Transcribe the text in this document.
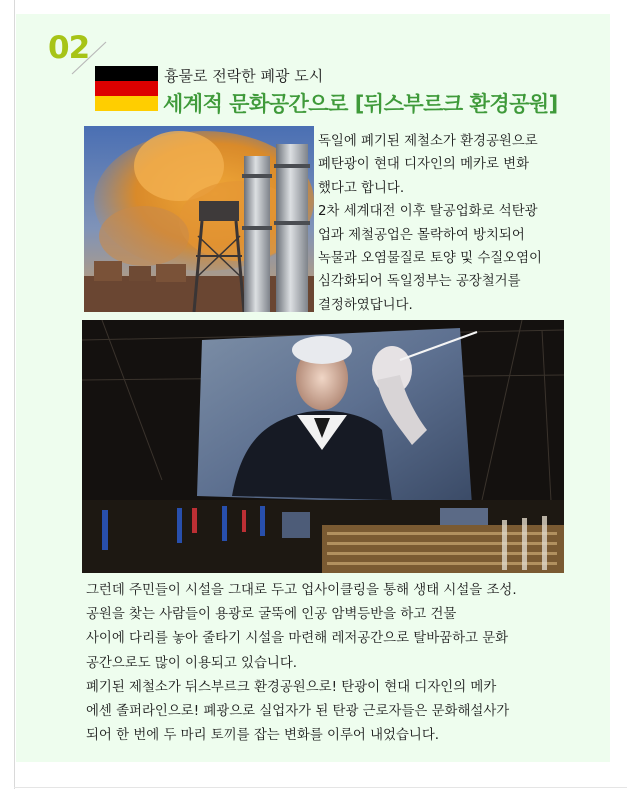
02
흉물로 전락한 폐광 도시
세계적 문화공간으로 [뒤스부르크 환경공원]

독일에 폐기된 제철소가 환경공원으로

폐탄광이 현대 디자인의 메카로 변화

했다고 합니다.

2차 세계대전 이후 탈공업화로 석탄광

업과 제철공업은 몰락하여 방치되어

녹물과 오염물질로 토양 및 수질오염이

심각화되어 독일정부는 공장철거를

결정하였답니다.

그런데 주민들이 시설을 그대로 두고 업사이클링을 통해 생태 시설을 조성.

공원을 찾는 사람들이 용광로 굴뚝에 인공 암벽등반을 하고 건물

사이에 다리를 놓아 줄타기 시설을 마련해 레저공간으로 탈바꿈하고 문화

공간으로도 많이 이용되고 있습니다.

폐기된 제철소가 뒤스부르크 환경공원으로! 탄광이 현대 디자인의 메카

에센 졸퍼라인으로! 폐광으로 실업자가 된 탄광 근로자들은 문화해설사가

되어 한 번에 두 마리 토끼를 잡는 변화를 이루어 내었습니다.
